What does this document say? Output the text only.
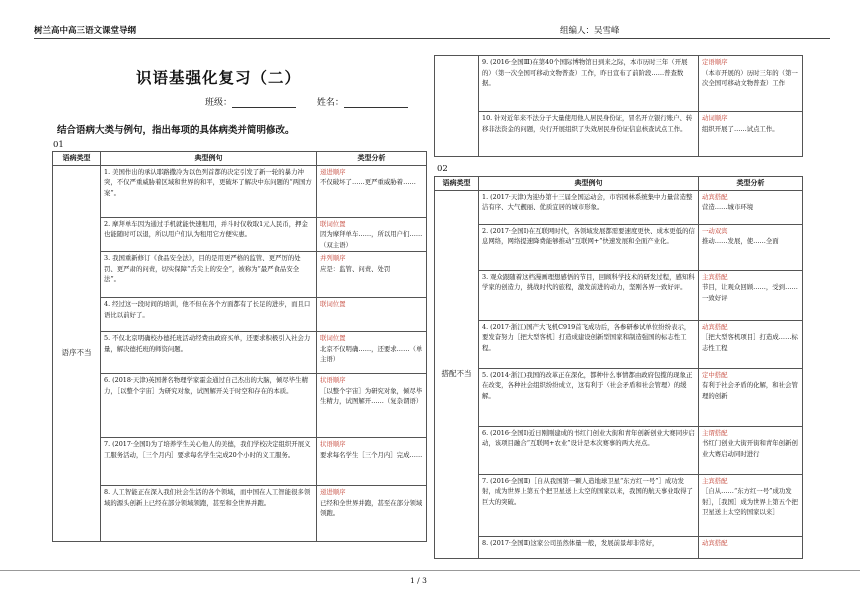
树兰高中高三语文课堂导纲	组编人：吴雪峰
识语基强化复习（二）
班级：	姓名：
结合语病大类与例句，指出每项的具体病类并简明修改。
01
02
语病类型	典型例句	类型分析
语序不当	1. 美国作出的承认耶路撒冷为以色列首都的决定引发了新一轮的暴力冲突，不仅严重威胁着区域和世界的和平，更破坏了解决中东问题的“两国方案”。	递进顺序
不仅破坏了……更严重威胁着……

	2. 摩拜单车因为通过手机就能快速租用，并斗时仅收取1元人民币，押金也能随时可以退，所以用户们认为租用它方便实惠。	联词位置
因为摩拜单车……，所以用户们……（双主语）

	3. 我国重新修订《食品安全法》，目的是用更严格的监管、更严厉的处罚、更严肃的问责，切实保障“舌尖上的安全”，被称为“最严食品安全法”。	并列顺序
应是：监管、问责、处罚

	4. 经过这一段时间的培训，他不但在各个方面都有了长足的进步，而且口语比以前好了。	联词位置

	5. 不仅北京明确校办德托班活动经费由政府买单，还要求积极引入社会力量，解决德托班的师资问题。	联词位置
北京不仅明确……，还要求……（单主语）

	6. (2018·天津)英国著名物理学家霍金通过自己杰出的大脑，倾尽毕生精力，［以整个宇宙］为研究对象，试图解开关于时空和存在的本质。	状语顺序
［以整个宇宙］为研究对象，倾尽毕生精力，试图解开……（复杂谓语）

	7. (2017·全国Ⅰ)为了培养学生关心他人的美德，我们学校决定组织开展义工服务活动，［三个月内］要求每名学生完成20个小时的义工服务。	状语顺序
要求每名学生［三个月内］完成……

	8. 人工智能正在深入我们社会生活的各个领域，而中国在人工智能很多领域的源头创新上已经在部分领域领跑，甚至和全世界并跑。	递进顺序
已经和全世界并跑，甚至在部分领域领跑。
	9. (2016·全国Ⅲ)在第40个国际博物馆日到来之际，本市历时三年（开展的）（第一次全国可移动文物普查）工作，昨日宣布了前阶段……普查数据。	定语顺序
（本市开展的）历时三年的（第一次全国可移动文物普查）工作

	10. 针对近年来不法分子大量使用他人居民身份证，冒名开立银行账户、转移非法资金的问题，央行开展组织了失效居民身份证信息核查试点工作。	动词顺序
组织开展了……试点工作。
语病类型	典型例句	类型分析
搭配不当	1. (2017·天津)为迎办第十三届全国运动会，市容园林系统集中力量营造整洁有序、大气靓丽、优质宜居的城市形象。	动宾搭配
营造……城市环境

	2. (2017·全国Ⅰ)在互联网时代，各领域发展都需要速度更快、成本更低的信息网络，网络提速降费能够推动“互联网+”快速发展和全面产业化。	一动双宾
推动……发展，使……全面

	3. 观众跟随着这档漫画理想感悟的节目，回顾科学技术的研发过程，感知科学家的创造力，挑战时代的旅程，激发前进的动力，坚刚各界一致好评。	主宾搭配
节目，让观众回顾……，受到……一致好评

	4. (2017·浙江)国产大飞机C919首飞成功后，各参研参试单位纷纷表示，要发奋努力［把大型客机］打造成建设创新型国家和制造强国的标志性工程。	动宾搭配
［把大型客机项目］打造成……标志性工程

	5. (2014·浙江)我国的改革正在深化，都种什么事情都由政府包揽的现象正在改变，各种社会组织纷纷成立，这有利于（社会矛盾和社会管理）的缓解。	定中搭配
有利于社会矛盾的化解，和社会管理的创新

	6. (2016·全国Ⅰ)近日刚刚建成的书红门创业大街和青年创新创业大赛同步启动，该项目融合“互联网+农业”设计是本次赛事的两大亮点。	主谓搭配
书红门创业大街开街和青年创新创业大赛启动同时进行

	7. (2016·全国Ⅱ)［自从我国第一颗人造地球卫星“东方红一号”］成功发射，成为世界上第五个把卫星送上太空的国家以来，我国的航天事业取得了巨大的突破。	主宾搭配
［自从……“东方红一号”成功发射］，［我国］成为世界上第五个把卫星送上太空的国家以来］

	8. (2017·全国Ⅱ)这家公司虽然体量一般，发展前景却非常好，	动宾搭配
1 / 3
